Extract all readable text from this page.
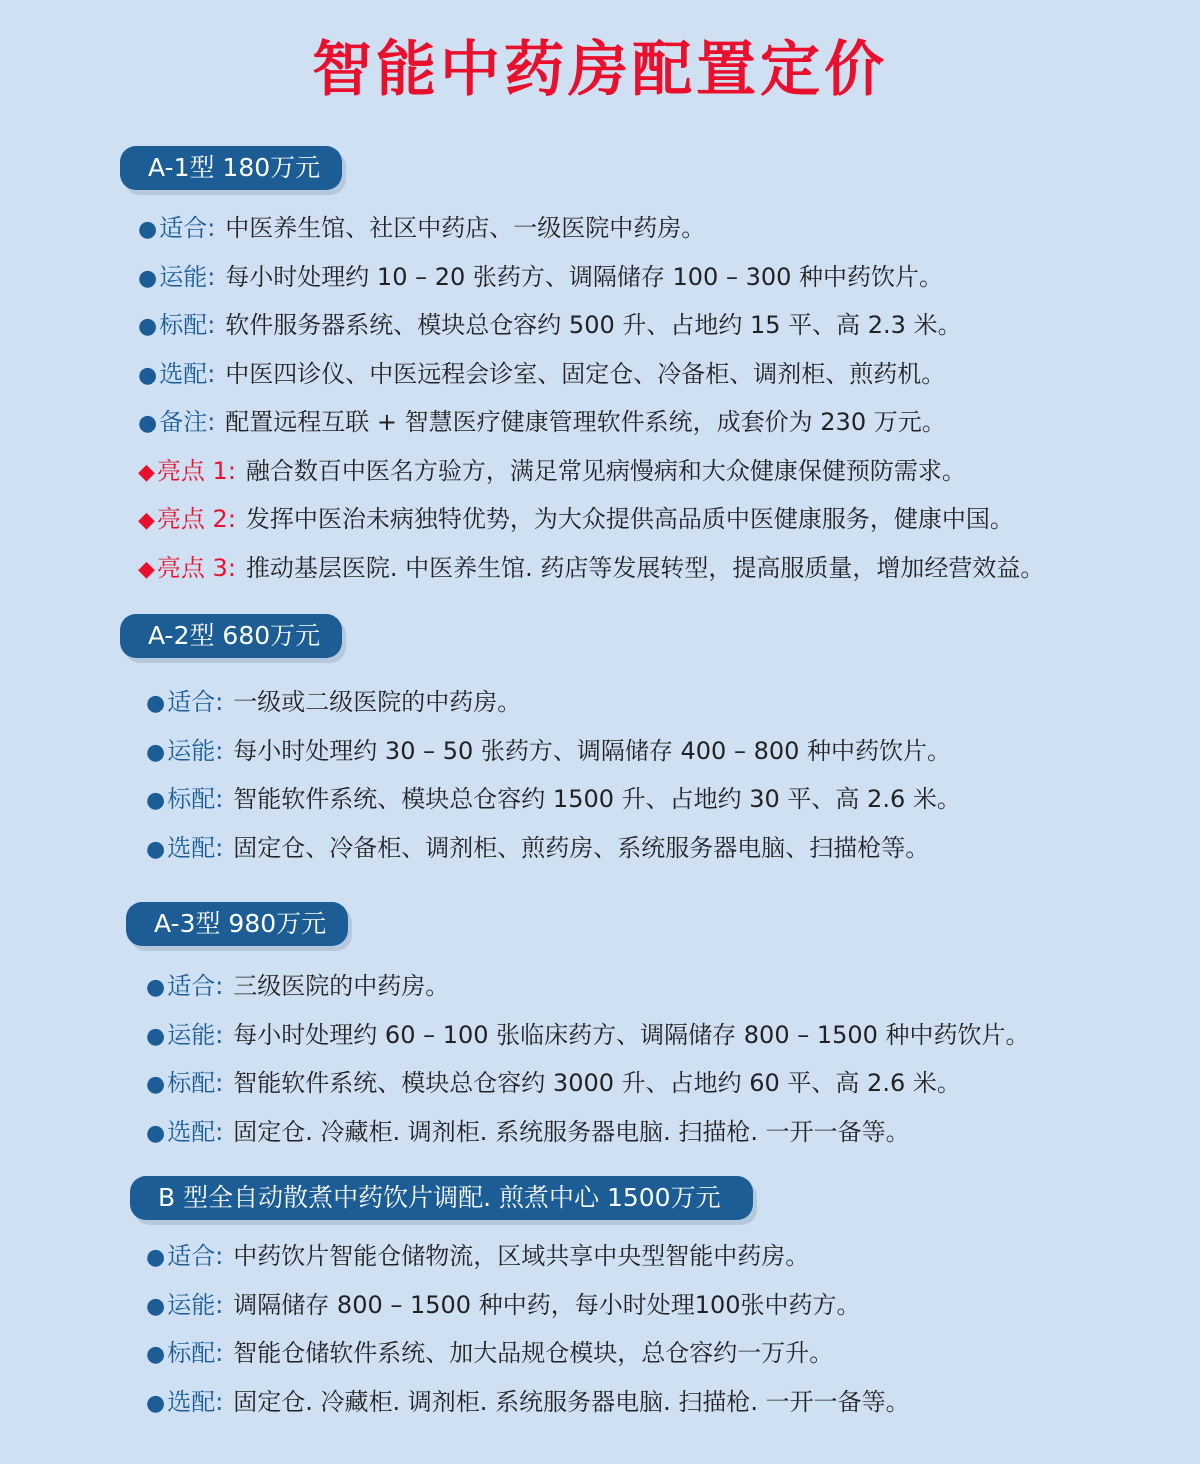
智能中药房配置定价
A-1型 180万元
●适合: 中医养生馆、社区中药店、一级医院中药房。
●运能: 每小时处理约 10 – 20 张药方、调隔储存 100 – 300 种中药饮片。
●标配: 软件服务器系统、模块总仓容约 500 升、占地约 15 平、高 2.3 米。
●选配: 中医四诊仪、中医远程会诊室、固定仓、冷备柜、调剂柜、煎药机。
●备注: 配置远程互联 + 智慧医疗健康管理软件系统，成套价为 230 万元。
◆亮点 1: 融合数百中医名方验方，满足常见病慢病和大众健康保健预防需求。
◆亮点 2: 发挥中医治未病独特优势，为大众提供高品质中医健康服务，健康中国。
◆亮点 3: 推动基层医院. 中医养生馆. 药店等发展转型，提高服质量，增加经营效益。
A-2型 680万元
●适合: 一级或二级医院的中药房。
●运能: 每小时处理约 30 – 50 张药方、调隔储存 400 – 800 种中药饮片。
●标配: 智能软件系统、模块总仓容约 1500 升、占地约 30 平、高 2.6 米。
●选配: 固定仓、冷备柜、调剂柜、煎药房、系统服务器电脑、扫描枪等。
A-3型 980万元
●适合: 三级医院的中药房。
●运能: 每小时处理约 60 – 100 张临床药方、调隔储存 800 – 1500 种中药饮片。
●标配: 智能软件系统、模块总仓容约 3000 升、占地约 60 平、高 2.6 米。
●选配: 固定仓. 冷藏柜. 调剂柜. 系统服务器电脑. 扫描枪. 一开一备等。
B 型全自动散煮中药饮片调配. 煎煮中心 1500万元
●适合: 中药饮片智能仓储物流，区域共享中央型智能中药房。
●运能: 调隔储存 800 – 1500 种中药，每小时处理100张中药方。
●标配: 智能仓储软件系统、加大品规仓模块，总仓容约一万升。
●选配: 固定仓. 冷藏柜. 调剂柜. 系统服务器电脑. 扫描枪. 一开一备等。
